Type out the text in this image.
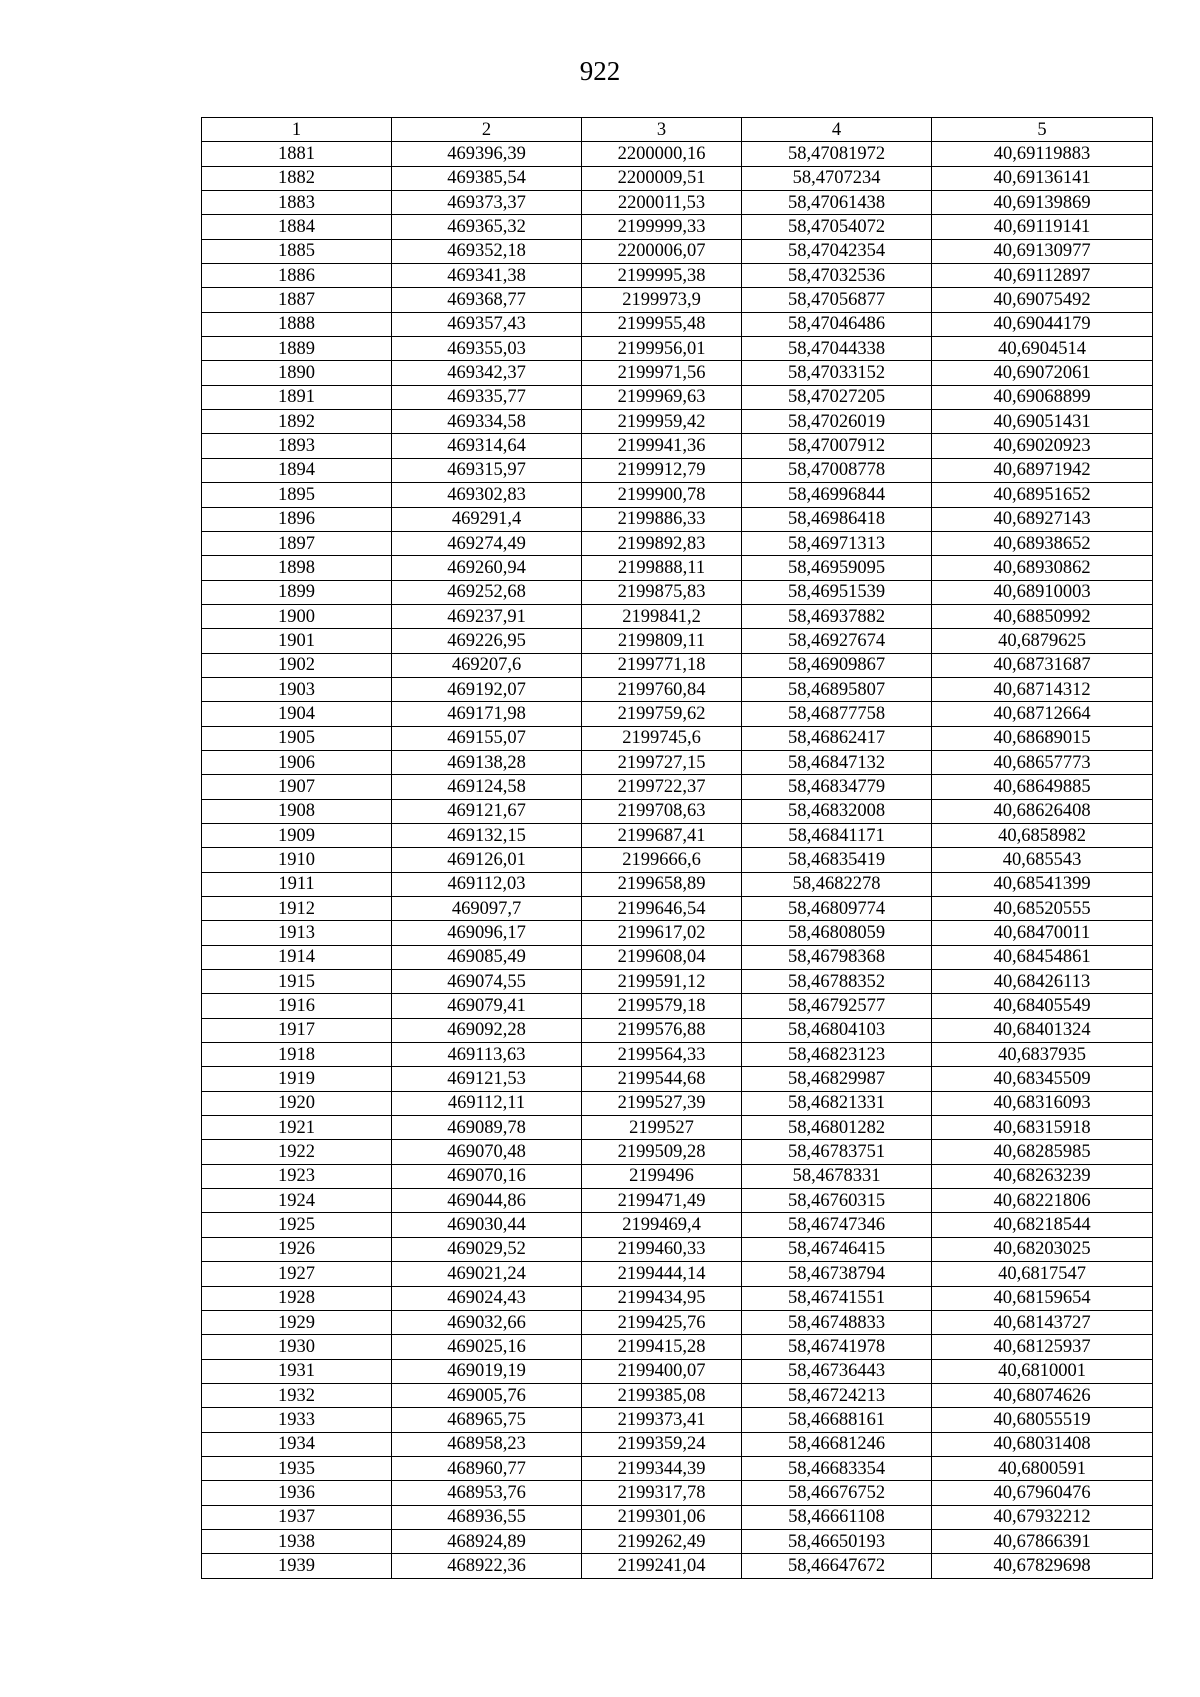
922
1	2	3	4	5
1881	469396,39	2200000,16	58,47081972	40,69119883
1882	469385,54	2200009,51	58,4707234	40,69136141
1883	469373,37	2200011,53	58,47061438	40,69139869
1884	469365,32	2199999,33	58,47054072	40,69119141
1885	469352,18	2200006,07	58,47042354	40,69130977
1886	469341,38	2199995,38	58,47032536	40,69112897
1887	469368,77	2199973,9	58,47056877	40,69075492
1888	469357,43	2199955,48	58,47046486	40,69044179
1889	469355,03	2199956,01	58,47044338	40,6904514
1890	469342,37	2199971,56	58,47033152	40,69072061
1891	469335,77	2199969,63	58,47027205	40,69068899
1892	469334,58	2199959,42	58,47026019	40,69051431
1893	469314,64	2199941,36	58,47007912	40,69020923
1894	469315,97	2199912,79	58,47008778	40,68971942
1895	469302,83	2199900,78	58,46996844	40,68951652
1896	469291,4	2199886,33	58,46986418	40,68927143
1897	469274,49	2199892,83	58,46971313	40,68938652
1898	469260,94	2199888,11	58,46959095	40,68930862
1899	469252,68	2199875,83	58,46951539	40,68910003
1900	469237,91	2199841,2	58,46937882	40,68850992
1901	469226,95	2199809,11	58,46927674	40,6879625
1902	469207,6	2199771,18	58,46909867	40,68731687
1903	469192,07	2199760,84	58,46895807	40,68714312
1904	469171,98	2199759,62	58,46877758	40,68712664
1905	469155,07	2199745,6	58,46862417	40,68689015
1906	469138,28	2199727,15	58,46847132	40,68657773
1907	469124,58	2199722,37	58,46834779	40,68649885
1908	469121,67	2199708,63	58,46832008	40,68626408
1909	469132,15	2199687,41	58,46841171	40,6858982
1910	469126,01	2199666,6	58,46835419	40,685543
1911	469112,03	2199658,89	58,4682278	40,68541399
1912	469097,7	2199646,54	58,46809774	40,68520555
1913	469096,17	2199617,02	58,46808059	40,68470011
1914	469085,49	2199608,04	58,46798368	40,68454861
1915	469074,55	2199591,12	58,46788352	40,68426113
1916	469079,41	2199579,18	58,46792577	40,68405549
1917	469092,28	2199576,88	58,46804103	40,68401324
1918	469113,63	2199564,33	58,46823123	40,6837935
1919	469121,53	2199544,68	58,46829987	40,68345509
1920	469112,11	2199527,39	58,46821331	40,68316093
1921	469089,78	2199527	58,46801282	40,68315918
1922	469070,48	2199509,28	58,46783751	40,68285985
1923	469070,16	2199496	58,4678331	40,68263239
1924	469044,86	2199471,49	58,46760315	40,68221806
1925	469030,44	2199469,4	58,46747346	40,68218544
1926	469029,52	2199460,33	58,46746415	40,68203025
1927	469021,24	2199444,14	58,46738794	40,6817547
1928	469024,43	2199434,95	58,46741551	40,68159654
1929	469032,66	2199425,76	58,46748833	40,68143727
1930	469025,16	2199415,28	58,46741978	40,68125937
1931	469019,19	2199400,07	58,46736443	40,6810001
1932	469005,76	2199385,08	58,46724213	40,68074626
1933	468965,75	2199373,41	58,46688161	40,68055519
1934	468958,23	2199359,24	58,46681246	40,68031408
1935	468960,77	2199344,39	58,46683354	40,6800591
1936	468953,76	2199317,78	58,46676752	40,67960476
1937	468936,55	2199301,06	58,46661108	40,67932212
1938	468924,89	2199262,49	58,46650193	40,67866391
1939	468922,36	2199241,04	58,46647672	40,67829698
